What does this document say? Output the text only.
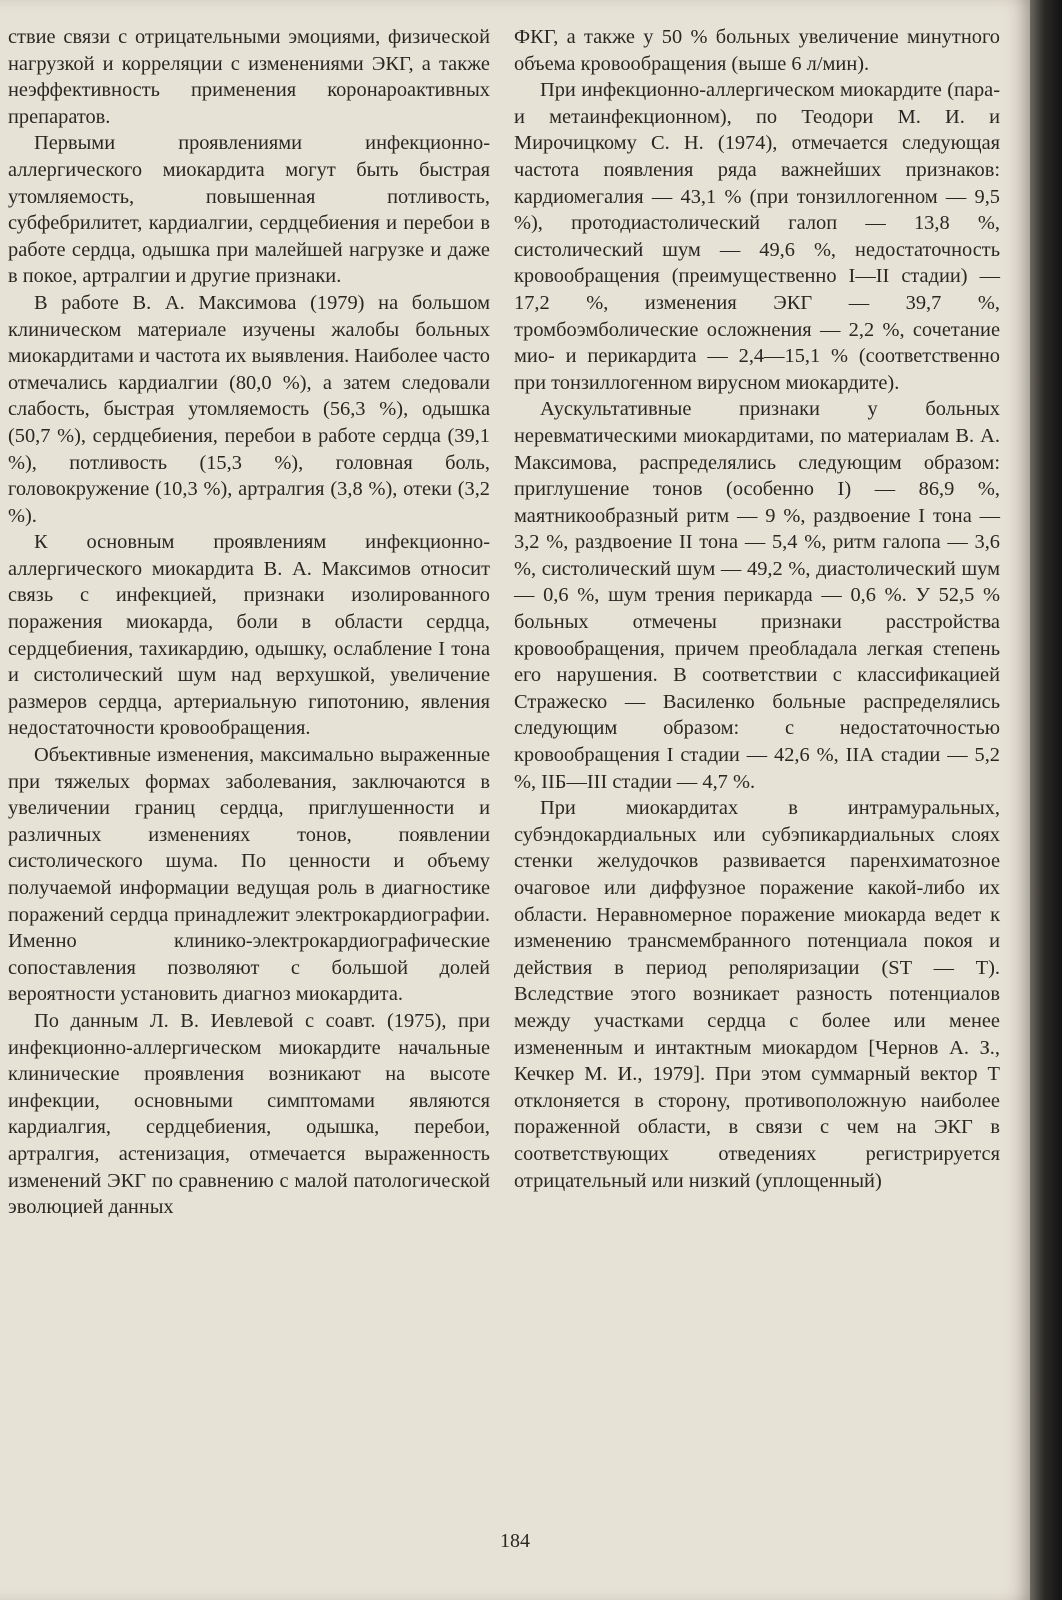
ствие связи с отрицательными эмоциями, физической нагрузкой и корреляции с изменениями ЭКГ, а также неэффективность применения коронароактивных препаратов.

Первыми проявлениями инфекционно-аллергического миокардита могут быть быстрая утомляемость, повышенная потливость, субфебрилитет, кардиалгии, сердцебиения и перебои в работе сердца, одышка при малейшей нагрузке и даже в покое, артралгии и другие признаки.

В работе В. А. Максимова (1979) на большом клиническом материале изучены жалобы больных миокардитами и частота их выявления. Наиболее часто отмечались кардиалгии (80,0 %), а затем следовали слабость, быстрая утомляемость (56,3 %), одышка (50,7 %), сердцебиения, перебои в работе сердца (39,1 %), потливость (15,3 %), головная боль, головокружение (10,3 %), артралгия (3,8 %), отеки (3,2 %).

К основным проявлениям инфекционно-аллергического миокардита В. А. Максимов относит связь с инфекцией, признаки изолированного поражения миокарда, боли в области сердца, сердцебиения, тахикардию, одышку, ослабление I тона и систолический шум над верхушкой, увеличение размеров сердца, артериальную гипотонию, явления недостаточности кровообращения.

Объективные изменения, максимально выраженные при тяжелых формах заболевания, заключаются в увеличении границ сердца, приглушенности и различных изменениях тонов, появлении систолического шума. По ценности и объему получаемой информации ведущая роль в диагностике поражений сердца принадлежит электрокардиографии. Именно клинико-электрокардиографические сопоставления позволяют с большой долей вероятности установить диагноз миокардита.

По данным Л. В. Иевлевой с соавт. (1975), при инфекционно-аллергическом миокардите начальные клинические проявления возникают на высоте инфекции, основными симптомами являются кардиалгия, сердцебиения, одышка, перебои, артралгия, астенизация, отмечается выраженность изменений ЭКГ по сравнению с малой патологической эволюцией данных

ФКГ, а также у 50 % больных увеличение минутного объема кровообращения (выше 6 л/мин).

При инфекционно-аллергическом миокардите (пара- и метаинфекционном), по Теодори М. И. и Мирочицкому С. Н. (1974), отмечается следующая частота появления ряда важнейших признаков: кардиомегалия — 43,1 % (при тонзиллогенном — 9,5 %), протодиастолический галоп — 13,8 %, систолический шум — 49,6 %, недостаточность кровообращения (преимущественно I—II стадии) — 17,2 %, изменения ЭКГ — 39,7 %, тромбоэмболические осложнения — 2,2 %, сочетание мио- и перикардита — 2,4—15,1 % (соответственно при тонзиллогенном вирусном миокардите).

Аускультативные признаки у больных неревматическими миокардитами, по материалам В. А. Максимова, распределялись следующим образом: приглушение тонов (особенно I) — 86,9 %, маятникообразный ритм — 9 %, раздвоение I тона — 3,2 %, раздвоение II тона — 5,4 %, ритм галопа — 3,6 %, систолический шум — 49,2 %, диастолический шум — 0,6 %, шум трения перикарда — 0,6 %. У 52,5 % больных отмечены признаки расстройства кровообращения, причем преобладала легкая степень его нарушения. В соответствии с классификацией Стражеско — Василенко больные распределялись следующим образом: с недостаточностью кровообращения I стадии — 42,6 %, IIА стадии — 5,2 %, IIБ—III стадии — 4,7 %.

При миокардитах в интрамуральных, субэндокардиальных или субэпикардиальных слоях стенки желудочков развивается паренхиматозное очаговое или диффузное поражение какой-либо их области. Неравномерное поражение миокарда ведет к изменению трансмембранного потенциала покоя и действия в период реполяризации (ST — T). Вследствие этого возникает разность потенциалов между участками сердца с более или менее измененным и интактным миокардом [Чернов А. З., Кечкер М. И., 1979]. При этом суммарный вектор T отклоняется в сторону, противоположную наиболее пораженной области, в связи с чем на ЭКГ в соответствующих отведениях регистрируется отрицательный или низкий (уплощенный)

184
